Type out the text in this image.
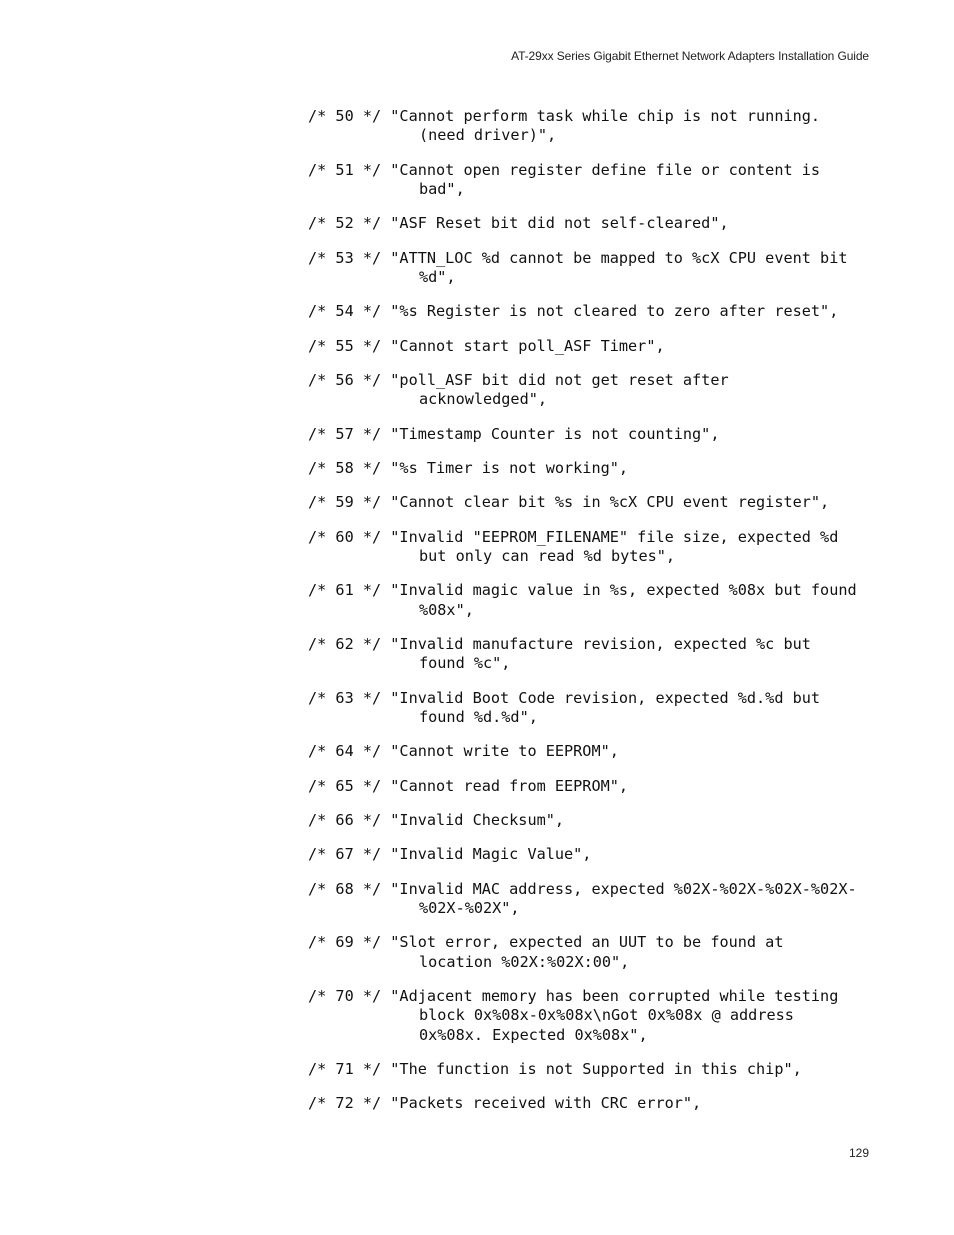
AT-29xx Series Gigabit Ethernet Network Adapters Installation Guide
/* 50 */ "Cannot perform task while chip is not running.
(need driver)",
/* 51 */ "Cannot open register define file or content is
bad",
/* 52 */ "ASF Reset bit did not self-cleared",
/* 53 */ "ATTN_LOC %d cannot be mapped to %cX CPU event bit
%d",
/* 54 */ "%s Register is not cleared to zero after reset",
/* 55 */ "Cannot start poll_ASF Timer",
/* 56 */ "poll_ASF bit did not get reset after
acknowledged",
/* 57 */ "Timestamp Counter is not counting",
/* 58 */ "%s Timer is not working",
/* 59 */ "Cannot clear bit %s in %cX CPU event register",
/* 60 */ "Invalid "EEPROM_FILENAME" file size, expected %d
but only can read %d bytes",
/* 61 */ "Invalid magic value in %s, expected %08x but found
%08x",
/* 62 */ "Invalid manufacture revision, expected %c but
found %c",
/* 63 */ "Invalid Boot Code revision, expected %d.%d but
found %d.%d",
/* 64 */ "Cannot write to EEPROM",
/* 65 */ "Cannot read from EEPROM",
/* 66 */ "Invalid Checksum",
/* 67 */ "Invalid Magic Value",
/* 68 */ "Invalid MAC address, expected %02X-%02X-%02X-%02X-
%02X-%02X",
/* 69 */ "Slot error, expected an UUT to be found at
location %02X:%02X:00",
/* 70 */ "Adjacent memory has been corrupted while testing
block 0x%08x-0x%08x\nGot 0x%08x @ address
0x%08x. Expected 0x%08x",
/* 71 */ "The function is not Supported in this chip",
/* 72 */ "Packets received with CRC error",
129
